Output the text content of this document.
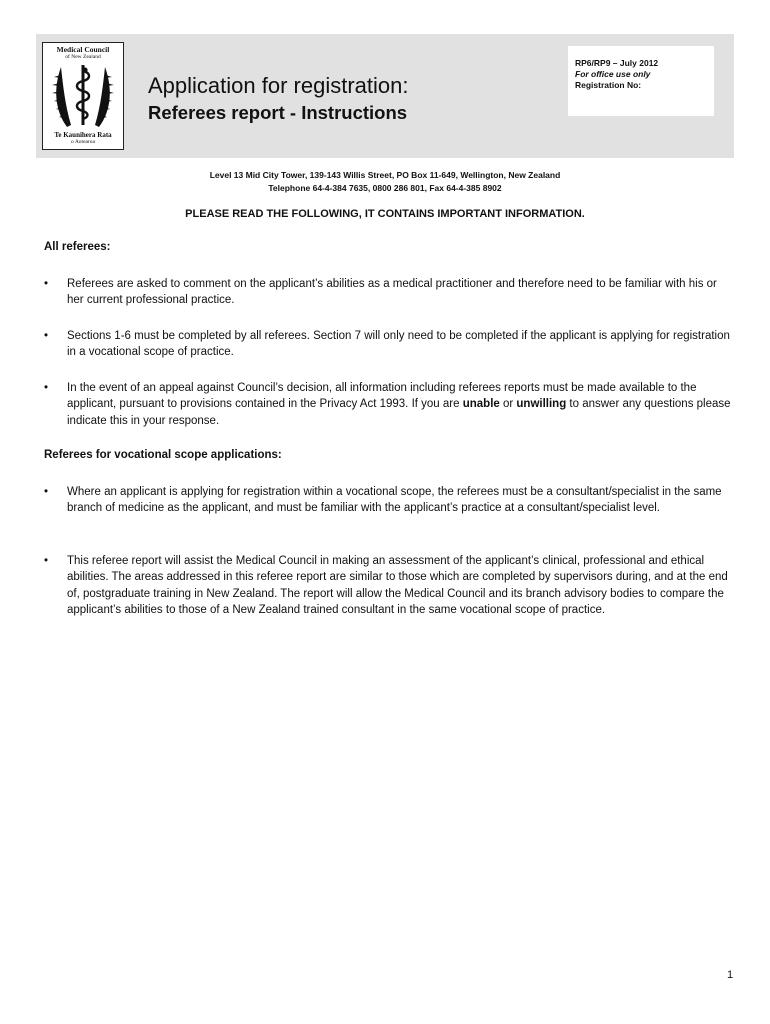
Medical Council
of New Zealand
Te Kaunihera Rata
o Aotearoa
Application for registration:
Referees report - Instructions
RP6/RP9 – July 2012
For office use only
Registration No:
Level 13 Mid City Tower, 139-143 Willis Street, PO Box 11-649, Wellington, New Zealand
Telephone 64-4-384 7635, 0800 286 801, Fax 64-4-385 8902
PLEASE READ THE FOLLOWING, IT CONTAINS IMPORTANT INFORMATION.
All referees:
• Referees are asked to comment on the applicant’s abilities as a medical practitioner and therefore need to be familiar with his or her current professional practice.

• Sections 1-6 must be completed by all referees. Section 7 will only need to be completed if the applicant is applying for registration in a vocational scope of practice.

• In the event of an appeal against Council’s decision, all information including referees reports must be made available to the applicant, pursuant to provisions contained in the Privacy Act 1993. If you are unable or unwilling to answer any questions please indicate this in your response.

Referees for vocational scope applications:
• Where an applicant is applying for registration within a vocational scope, the referees must be a consultant/specialist in the same branch of medicine as the applicant, and must be familiar with the applicant’s practice at a consultant/specialist level.

• This referee report will assist the Medical Council in making an assessment of the applicant’s clinical, professional and ethical abilities. The areas addressed in this referee report are similar to those which are completed by supervisors during, and at the end of, postgraduate training in New Zealand. The report will allow the Medical Council and its branch advisory bodies to compare the applicant’s abilities to those of a New Zealand trained consultant in the same vocational scope of practice.

1
